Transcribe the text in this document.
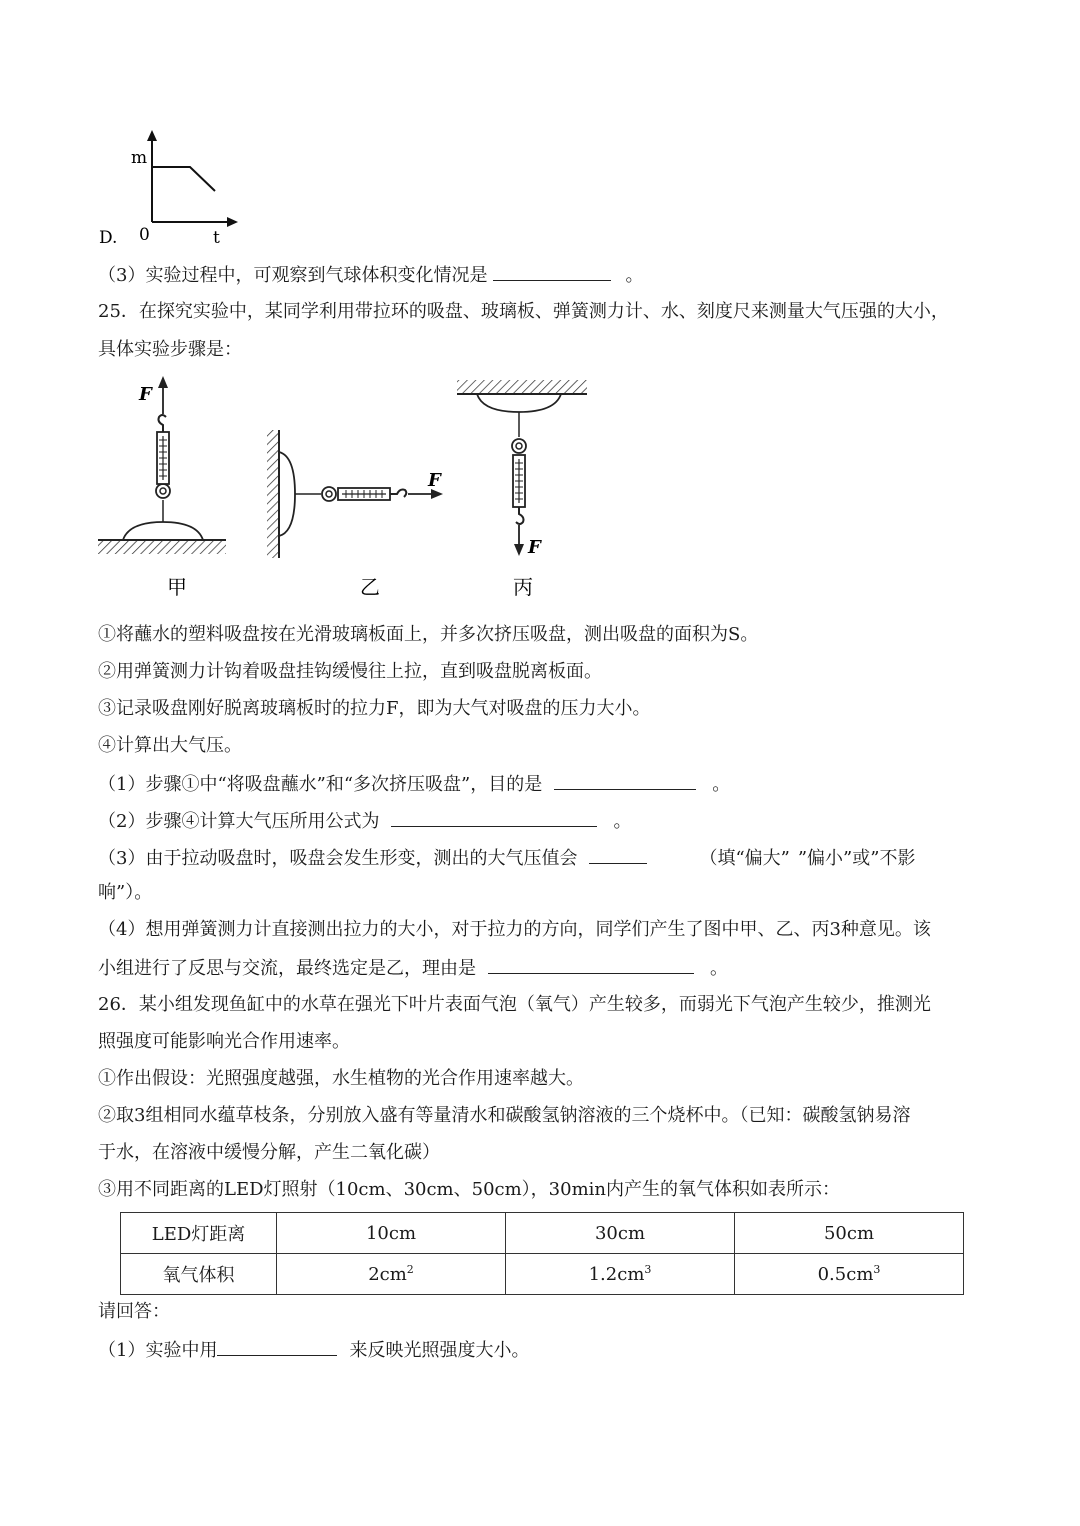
m
0	t
D.
（3）实验过程中，可观察到气球体积变化情况是	。
25．在探究实验中，某同学利用带拉环的吸盘、玻璃板、弹簧测力计、水、刻度尺来测量大气压强的大小，
具体实验步骤是：
F
F
F
甲	乙	丙
①将蘸水的塑料吸盘按在光滑玻璃板面上，并多次挤压吸盘，测出吸盘的面积为S。
②用弹簧测力计钩着吸盘挂钩缓慢往上拉，直到吸盘脱离板面。
③记录吸盘刚好脱离玻璃板时的拉力F，即为大气对吸盘的压力大小。
④计算出大气压。
（1）步骤①中“将吸盘蘸水”和“多次挤压吸盘”，目的是	。
（2）步骤④计算大气压所用公式为	。
（3）由于拉动吸盘时，吸盘会发生形变，测出的大气压值会	（填“偏大” ”偏小”或”不影
响”）。
（4）想用弹簧测力计直接测出拉力的大小，对于拉力的方向，同学们产生了图中甲、乙、丙3种意见。该
小组进行了反思与交流，最终选定是乙，理由是	。
26．某小组发现鱼缸中的水草在强光下叶片表面气泡（氧气）产生较多，而弱光下气泡产生较少，推测光
照强度可能影响光合作用速率。
①作出假设：光照强度越强，水生植物的光合作用速率越大。
②取3组相同水蕴草枝条，分别放入盛有等量清水和碳酸氢钠溶液的三个烧杯中。（已知：碳酸氢钠易溶
于水，在溶液中缓慢分解，产生二氧化碳）
③用不同距离的LED灯照射（10cm、30cm、50cm），30min内产生的氧气体积如表所示：
LED灯距离	10cm	30cm	50cm
氧气体积	$2cm^2$	$1.2cm^3$	$0.5cm^3$
请回答：
（1）实验中用	来反映光照强度大小。
